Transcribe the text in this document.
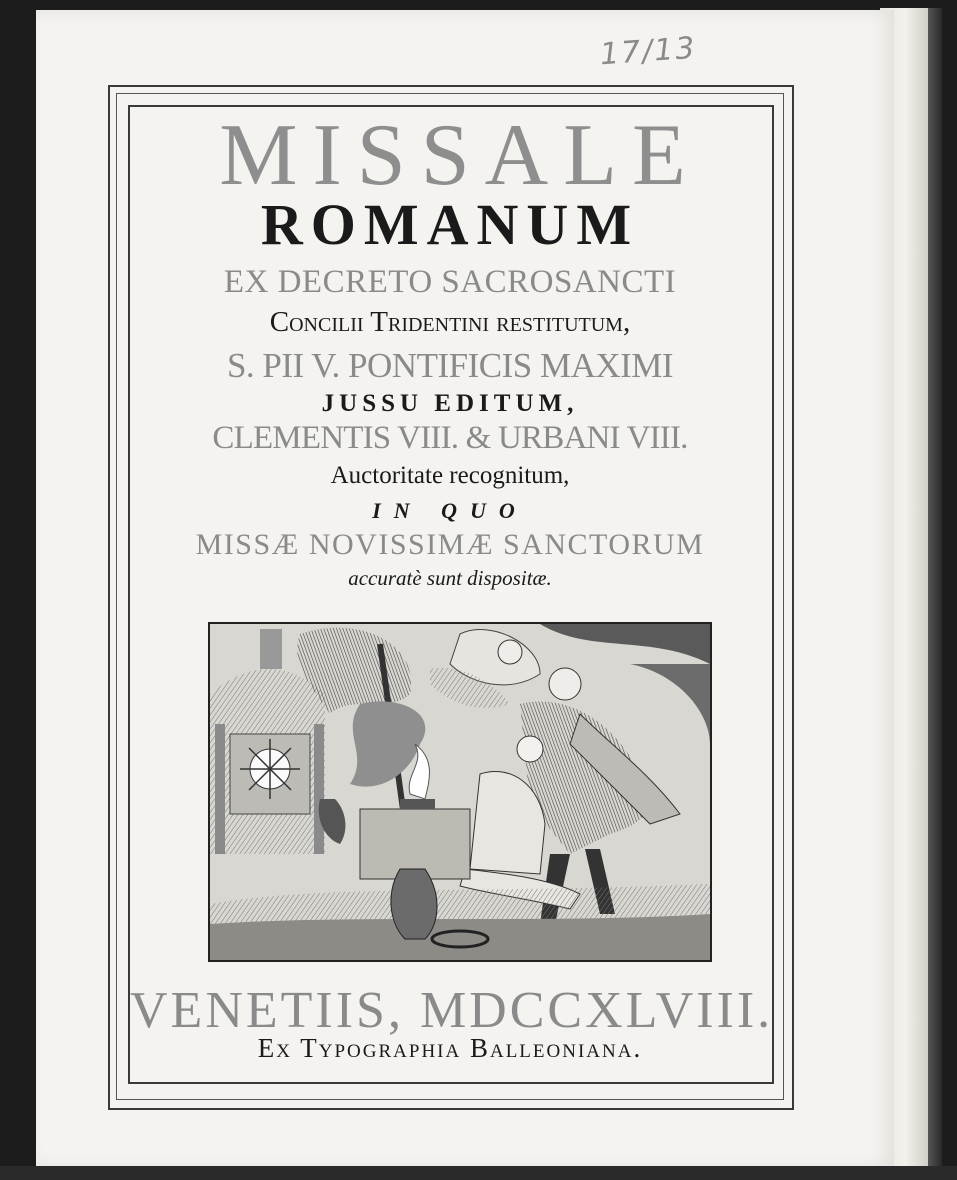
17/13
MISSALE
ROMANUM
EX DECRETO SACROSANCTI
Concilii Tridentini restitutum,
S. PII V. PONTIFICIS MAXIMI
JUSSU EDITUM,
CLEMENTIS VIII. & URBANI VIII.
Auctoritate recognitum,
IN QUO
MISSÆ NOVISSIMÆ SANCTORUM
accuratè sunt dispositæ.
VENETIIS, MDCCXLVIII.
Ex Typographia Balleoniana.
